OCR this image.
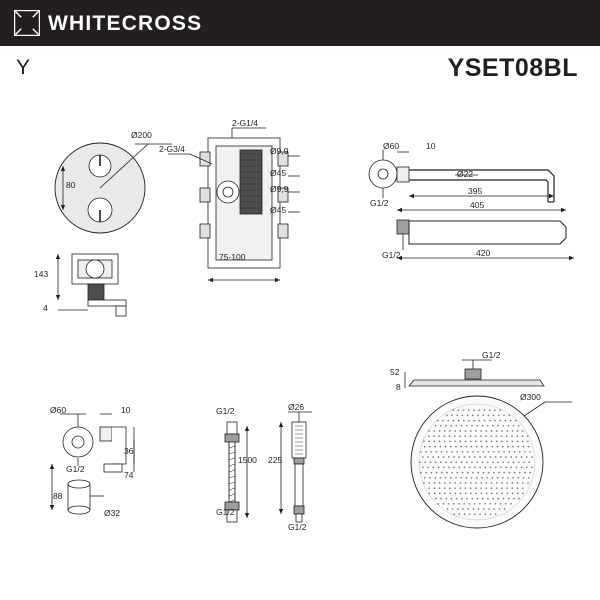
WHITECROSS
Y	YSET08BL
Ø200
80
2-G1/4
2-G3/4	Ø9,9
Ø45
Ø9,9
Ø45
75-100
143
4
Ø60	10
Ø22
395
G1/2	405
G1/2	420
Ø60	10
G1/2
36
74
88
Ø32
G1/2
1500
G1/2
Ø26
225
G1/2
G1/2
52
8
Ø300
